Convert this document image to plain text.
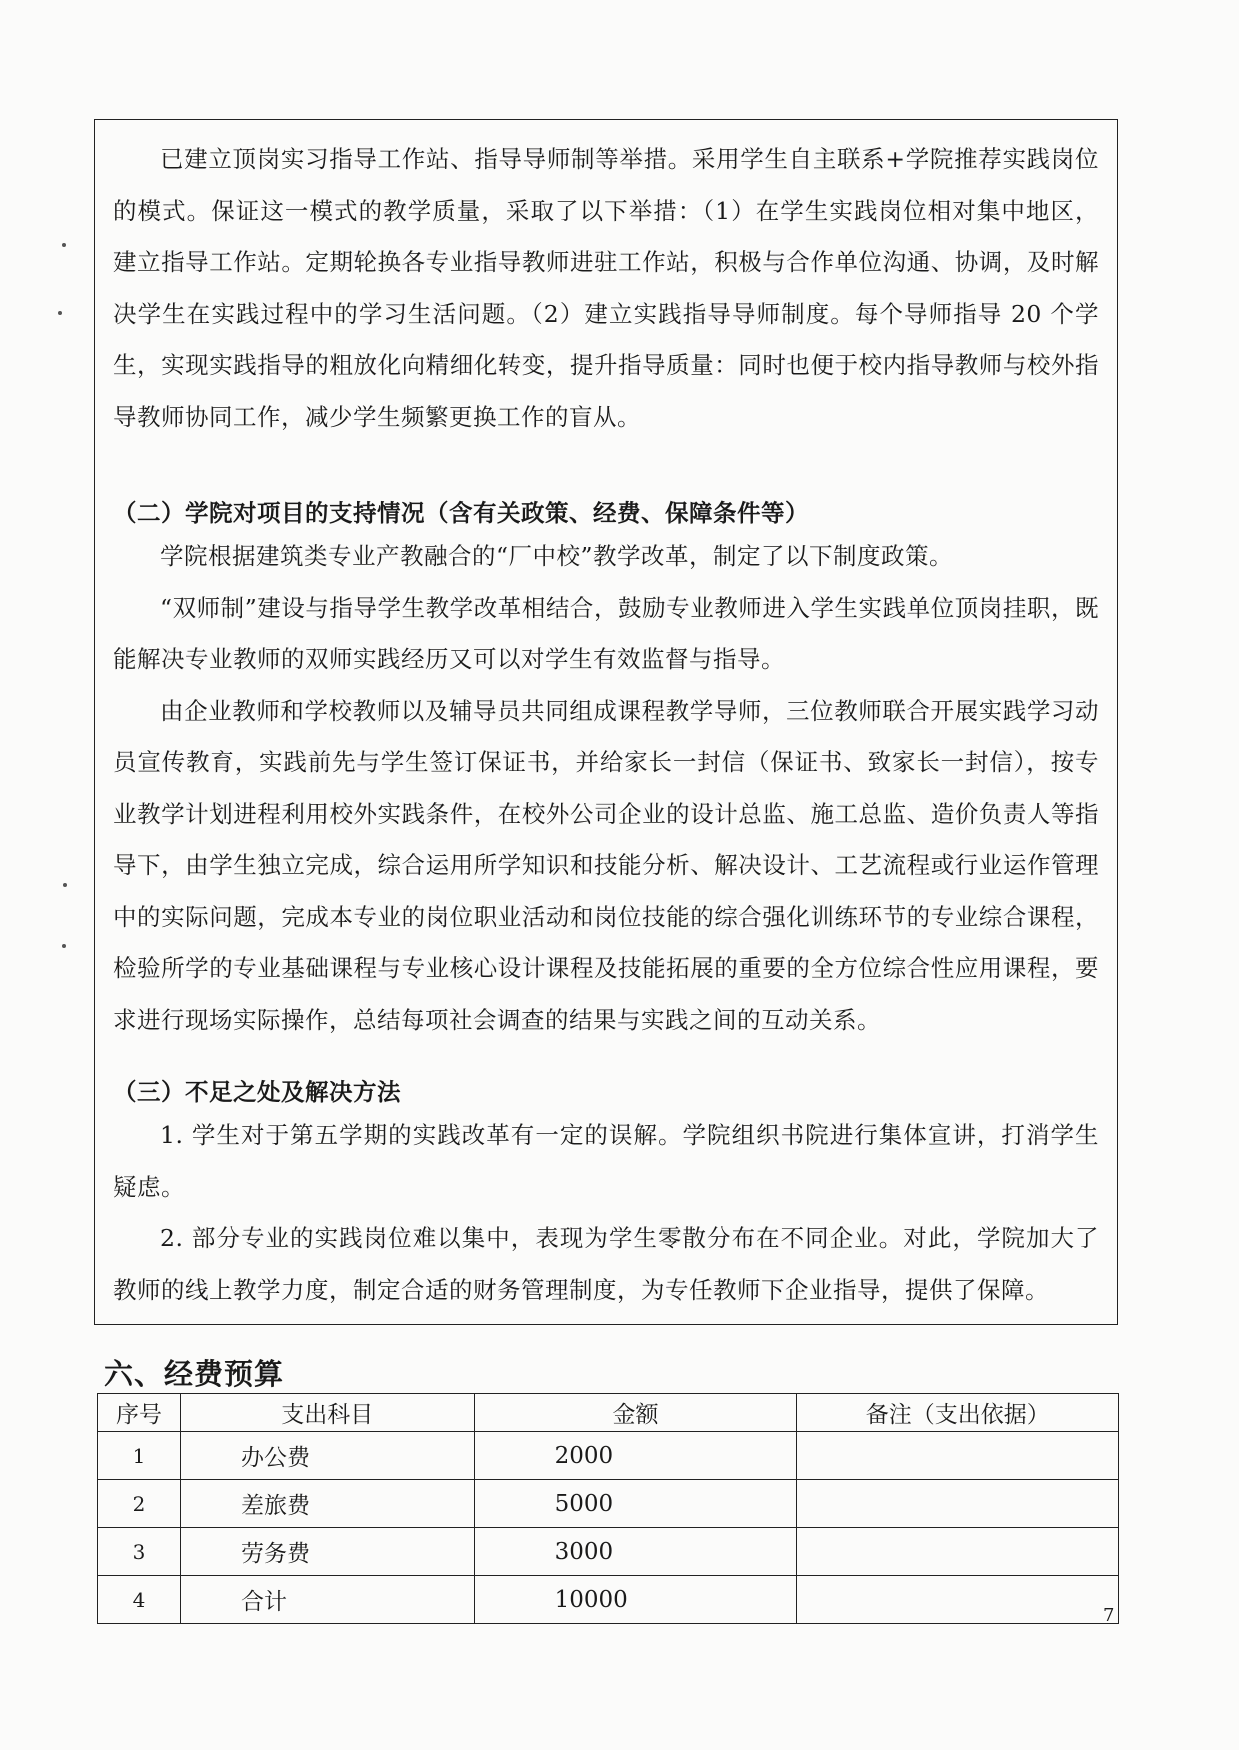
已建立顶岗实习指导工作站、指导导师制等举措。采用学生自主联系+学院推荐实践岗位的模式。保证这一模式的教学质量，采取了以下举措：（1）在学生实践岗位相对集中地区，建立指导工作站。定期轮换各专业指导教师进驻工作站，积极与合作单位沟通、协调，及时解决学生在实践过程中的学习生活问题。（2）建立实践指导导师制度。每个导师指导 20 个学生，实现实践指导的粗放化向精细化转变，提升指导质量：同时也便于校内指导教师与校外指导教师协同工作，减少学生频繁更换工作的盲从。

（二）学院对项目的支持情况（含有关政策、经费、保障条件等）

学院根据建筑类专业产教融合的“厂中校”教学改革，制定了以下制度政策。

“双师制”建设与指导学生教学改革相结合，鼓励专业教师进入学生实践单位顶岗挂职，既能解决专业教师的双师实践经历又可以对学生有效监督与指导。

由企业教师和学校教师以及辅导员共同组成课程教学导师，三位教师联合开展实践学习动员宣传教育，实践前先与学生签订保证书，并给家长一封信（保证书、致家长一封信），按专业教学计划进程利用校外实践条件，在校外公司企业的设计总监、施工总监、造价负责人等指导下，由学生独立完成，综合运用所学知识和技能分析、解决设计、工艺流程或行业运作管理中的实际问题，完成本专业的岗位职业活动和岗位技能的综合强化训练环节的专业综合课程，检验所学的专业基础课程与专业核心设计课程及技能拓展的重要的全方位综合性应用课程，要求进行现场实际操作，总结每项社会调查的结果与实践之间的互动关系。

（三）不足之处及解决方法

1. 学生对于第五学期的实践改革有一定的误解。学院组织书院进行集体宣讲，打消学生疑虑。

2. 部分专业的实践岗位难以集中，表现为学生零散分布在不同企业。对此，学院加大了教师的线上教学力度，制定合适的财务管理制度，为专任教师下企业指导，提供了保障。

六、经费预算
序号	支出科目	金额	备注（支出依据）
1	办公费	2000	
2	差旅费	5000	
3	劳务费	3000	
4	合计	10000	
7
